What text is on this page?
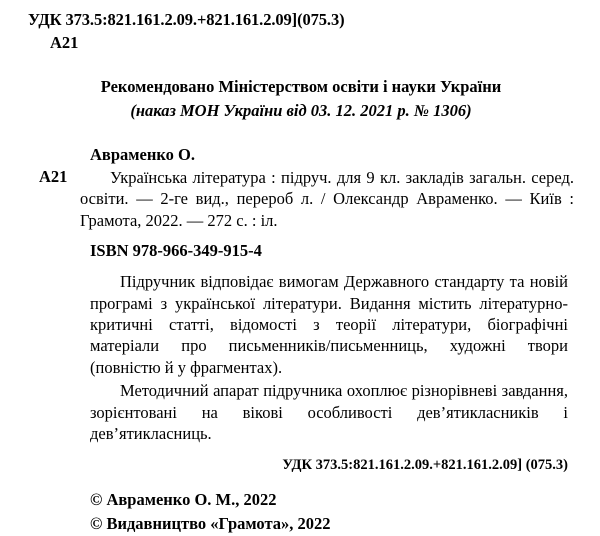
УДК 373.5:821.161.2.09.+821.161.2.09](075.3)
А21
Рекомендовано Міністерством освіти і науки України
(наказ МОН України від 03. 12. 2021 р. № 1306)
Авраменко О.
А21	Українська література : підруч. для 9 кл. закладів загальн. серед. освіти. — 2-ге вид., перероб л. / Олександр Авраменко. — Київ : Грамота, 2022. — 272 с. : іл.
ISBN 978-966-349-915-4
Підручник відповідає вимогам Державного стандарту та новій програмі з української літератури. Видання містить літературно-критичні статті, відомості з теорії літератури, біографічні матеріали про письменників/письменниць, художні твори (повністю й у фрагментах).
Методичний апарат підручника охоплює різнорівневі завдання, зорієнтовані на вікові особливості дев’ятикласників і дев’ятикласниць.
УДК 373.5:821.161.2.09.+821.161.2.09] (075.3)
© Авраменко О. М., 2022
© Видавництво «Грамота», 2022
